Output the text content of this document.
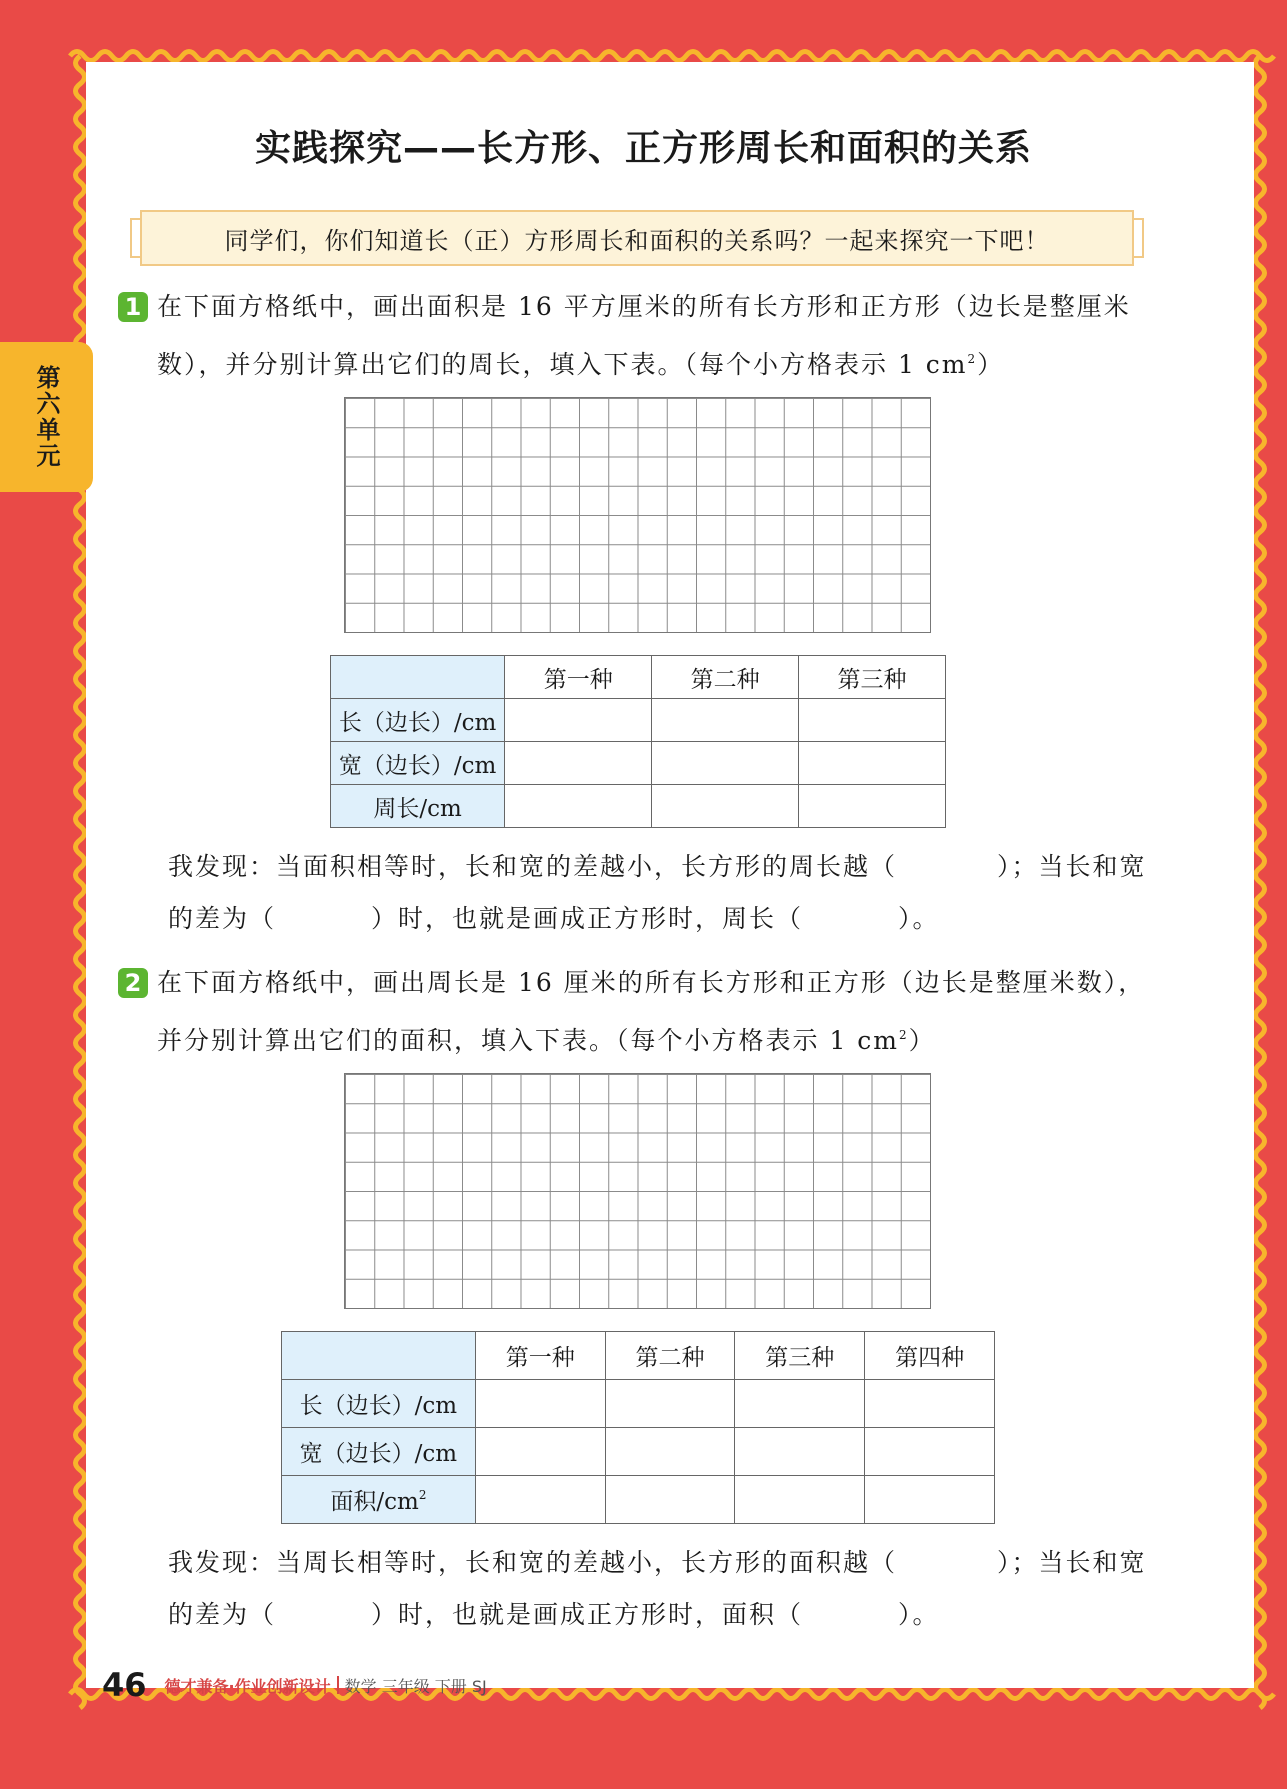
第六单元
实践探究——长方形、正方形周长和面积的关系
同学们，你们知道长（正）方形周长和面积的关系吗？一起来探究一下吧！
1 在下面方格纸中，画出面积是 16 平方厘米的所有长方形和正方形（边长是整厘米
数），并分别计算出它们的周长，填入下表。（每个小方格表示 1 $cm^2$）
	第一种	第二种	第三种
长（边长）/cm			
宽（边长）/cm			
周长/cm			
我发现：当面积相等时，长和宽的差越小，长方形的周长越（	）；当长和宽
的差为（	）时，也就是画成正方形时，周长（	）。
2 在下面方格纸中，画出周长是 16 厘米的所有长方形和正方形（边长是整厘米数），
并分别计算出它们的面积，填入下表。（每个小方格表示 1 $cm^2$）
	第一种	第二种	第三种	第四种
长（边长）/cm				
宽（边长）/cm				
面积$/cm^2$				
我发现：当周长相等时，长和宽的差越小，长方形的面积越（	）；当长和宽
的差为（	）时，也就是画成正方形时，面积（	）。
46 德才兼备·作业创新设计 数学 三年级 下册 SJ
